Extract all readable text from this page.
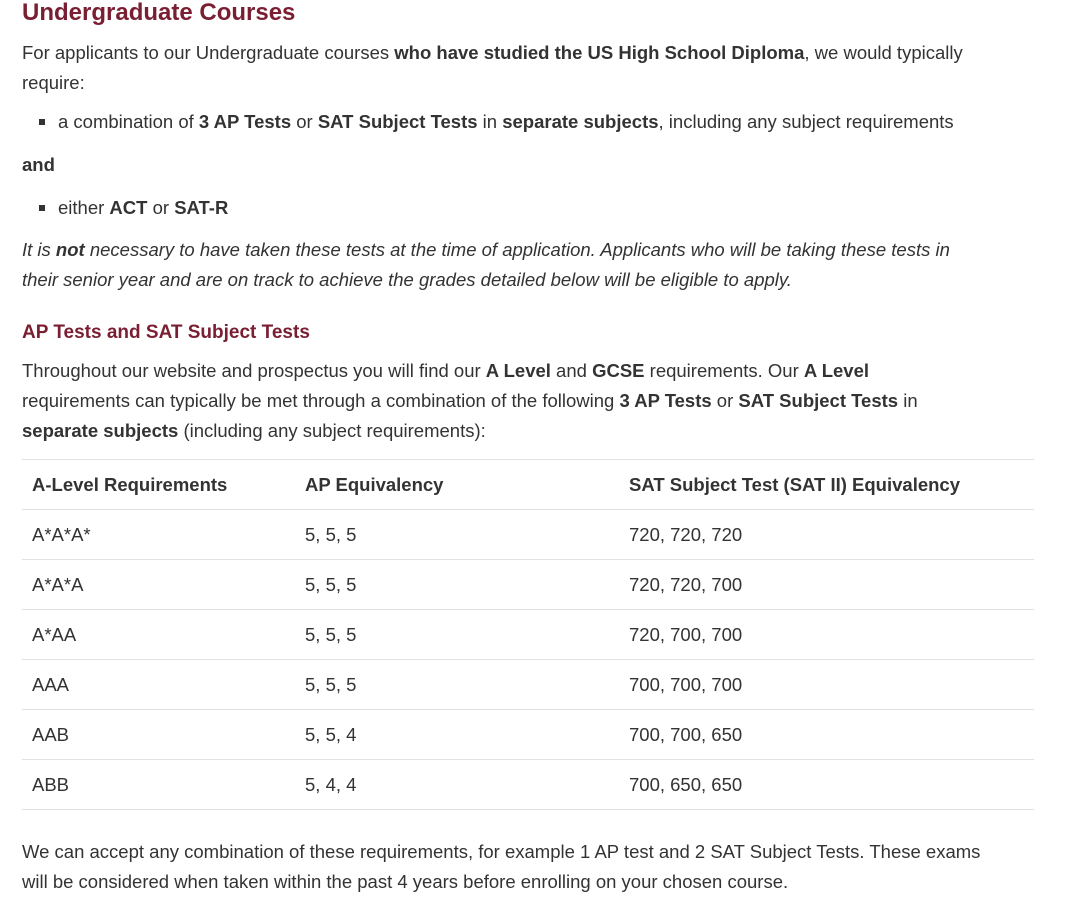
Undergraduate Courses

For applicants to our Undergraduate courses who have studied the US High School Diploma, we would typically require:

a combination of 3 AP Tests or SAT Subject Tests in separate subjects, including any subject requirements

and

either ACT or SAT-R

It is not necessary to have taken these tests at the time of application. Applicants who will be taking these tests in their senior year and are on track to achieve the grades detailed below will be eligible to apply.

AP Tests and SAT Subject Tests

Throughout our website and prospectus you will find our A Level and GCSE requirements. Our A Level requirements can typically be met through a combination of the following 3 AP Tests or SAT Subject Tests in separate subjects (including any subject requirements):

A-Level Requirements	AP Equivalency	SAT Subject Test (SAT II) Equivalency
A*A*A*	5, 5, 5	720, 720, 720
A*A*A	5, 5, 5	720, 720, 700
A*AA	5, 5, 5	720, 700, 700
AAA	5, 5, 5	700, 700, 700
AAB	5, 5, 4	700, 700, 650
ABB	5, 4, 4	700, 650, 650

We can accept any combination of these requirements, for example 1 AP test and 2 SAT Subject Tests. These exams will be considered when taken within the past 4 years before enrolling on your chosen course.
